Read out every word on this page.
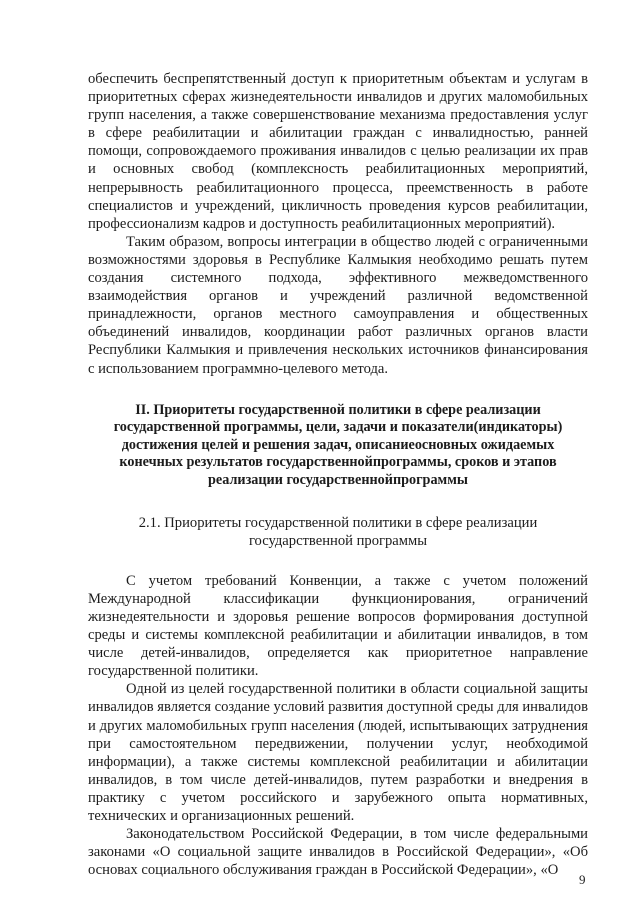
обеспечить беспрепятственный доступ к приоритетным объектам и услугам в приоритетных сферах жизнедеятельности инвалидов и других маломобильных групп населения, а также совершенствование механизма предоставления услуг в сфере реабилитации и абилитации граждан с инвалидностью, ранней помощи, сопровождаемого проживания инвалидов с целью реализации их прав и основных свобод (комплексность реабилитационных мероприятий, непрерывность реабилитационного процесса, преемственность в работе специалистов и учреждений, цикличность проведения курсов реабилитации, профессионализм кадров и доступность реабилитационных мероприятий).

Таким образом, вопросы интеграции в общество людей с ограниченными возможностями здоровья в Республике Калмыкия необходимо решать путем создания системного подхода, эффективного межведомственного взаимодействия органов и учреждений различной ведомственной принадлежности, органов местного самоуправления и общественных объединений инвалидов, координации работ различных органов власти Республики Калмыкия и привлечения нескольких источников финансирования с использованием программно-целевого метода.

II. Приоритеты государственной политики в сфере реализации государственной программы, цели, задачи и показатели(индикаторы) достижения целей и решения задач, описаниеосновных ожидаемых конечных результатов государственнойпрограммы, сроков и этапов реализации государственнойпрограммы

2.1. Приоритеты государственной политики в сфере реализации государственной программы

С учетом требований Конвенции, а также с учетом положений Международной классификации функционирования, ограничений жизнедеятельности и здоровья решение вопросов формирования доступной среды и системы комплексной реабилитации и абилитации инвалидов, в том числе детей-инвалидов, определяется как приоритетное направление государственной политики.

Одной из целей государственной политики в области социальной защиты инвалидов является создание условий развития доступной среды для инвалидов и других маломобильных групп населения (людей, испытывающих затруднения при самостоятельном передвижении, получении услуг, необходимой информации), а также системы комплексной реабилитации и абилитации инвалидов, в том числе детей-инвалидов, путем разработки и внедрения в практику с учетом российского и зарубежного опыта нормативных, технических и организационных решений.

Законодательством Российской Федерации, в том числе федеральными законами «О социальной защите инвалидов в Российской Федерации», «Об основах социального обслуживания граждан в Российской Федерации», «О

9
